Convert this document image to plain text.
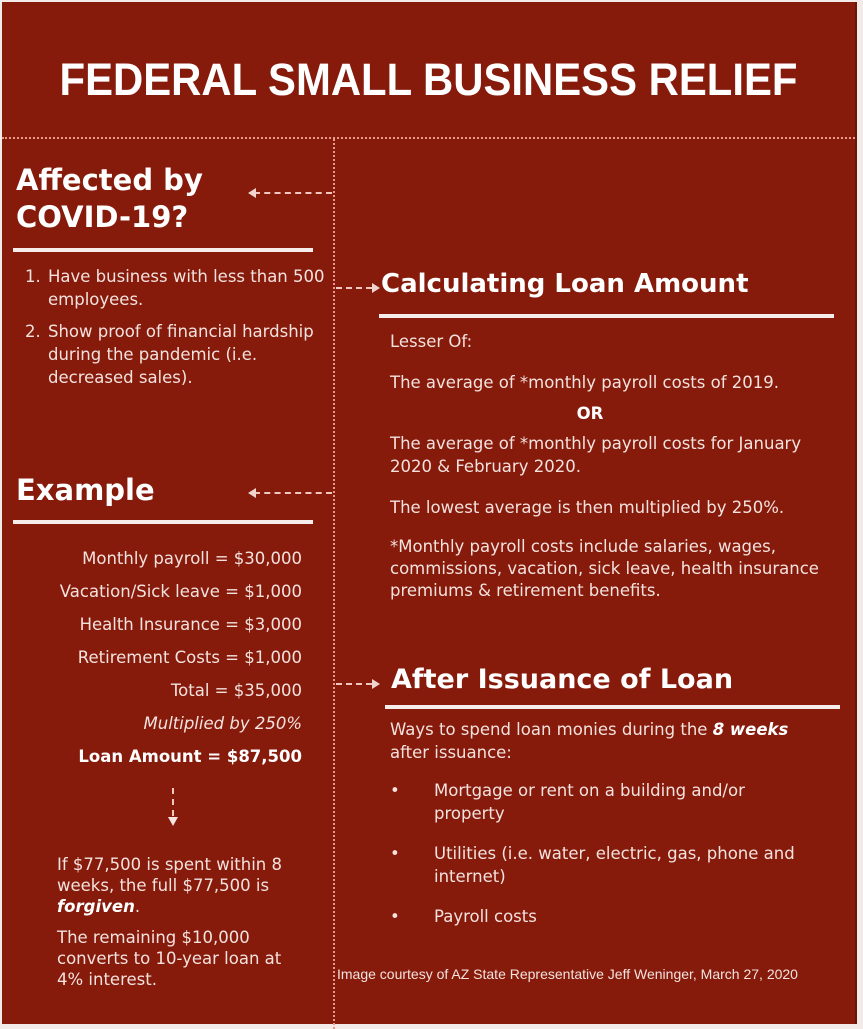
FEDERAL SMALL BUSINESS RELIEF
Affected by
COVID-19?
1. Have business with less than 500 employees.
2. Show proof of financial hardship during the pandemic (i.e. decreased sales).
Example
Monthly payroll = $30,000
Vacation/Sick leave = $1,000
Health Insurance = $3,000
Retirement Costs = $1,000
Total = $35,000
Multiplied by 250%
Loan Amount = $87,500
If $77,500 is spent within 8 weeks, the full $77,500 is forgiven.
The remaining $10,000 converts to 10-year loan at 4% interest.
Calculating Loan Amount
Lesser Of:
The average of *monthly payroll costs of 2019.
OR
The average of *monthly payroll costs for January 2020 & February 2020.
The lowest average is then multiplied by 250%.
*Monthly payroll costs include salaries, wages, commissions, vacation, sick leave, health insurance premiums & retirement benefits.
After Issuance of Loan
Ways to spend loan monies during the 8 weeks after issuance:
• Mortgage or rent on a building and/or property
• Utilities (i.e. water, electric, gas, phone and internet)
• Payroll costs
Image courtesy of AZ State Representative Jeff Weninger, March 27, 2020
